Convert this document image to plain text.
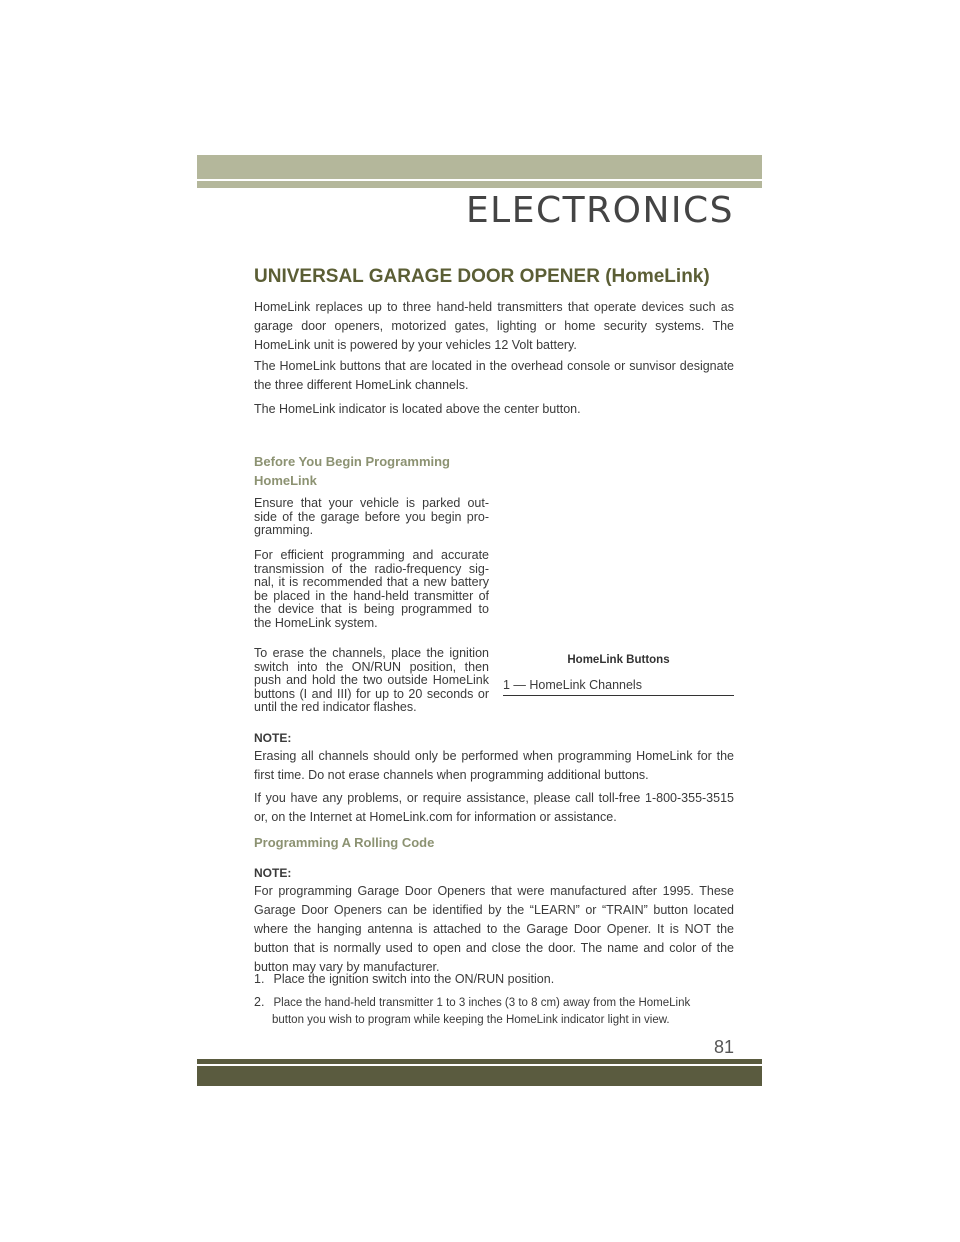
ELECTRONICS
UNIVERSAL GARAGE DOOR OPENER (HomeLink)

HomeLink replaces up to three hand-held transmitters that operate devices such as garage door openers, motorized gates, lighting or home security systems. The HomeLink unit is powered by your vehicles 12 Volt battery.

The HomeLink buttons that are located in the overhead console or sunvisor designate the three different HomeLink channels.

The HomeLink indicator is located above the center button.

Before You Begin Programming
HomeLink

Ensure that your vehicle is parked out-side of the garage before you begin pro-gramming.

For efficient programming and accurate transmission of the radio-frequency sig-nal, it is recommended that a new battery be placed in the hand-held transmitter of the device that is being programmed to the HomeLink system.

To erase the channels, place the ignition switch into the ON/RUN position, then push and hold the two outside HomeLink buttons (I and III) for up to 20 seconds or until the red indicator flashes.

HomeLink Buttons
1 — HomeLink Channels

NOTE:

Erasing all channels should only be performed when programming HomeLink for the first time. Do not erase channels when programming additional buttons.

If you have any problems, or require assistance, please call toll-free 1-800-355-3515 or, on the Internet at HomeLink.com for information or assistance.

Programming A Rolling Code

NOTE:

For programming Garage Door Openers that were manufactured after 1995. These Garage Door Openers can be identified by the “LEARN” or “TRAIN” button located where the hanging antenna is attached to the Garage Door Opener. It is NOT the button that is normally used to open and close the door. The name and color of the button may vary by manufacturer.

1. Place the ignition switch into the ON/RUN position.
2. Place the hand-held transmitter 1 to 3 inches (3 to 8 cm) away from the HomeLink
button you wish to program while keeping the HomeLink indicator light in view.
81
